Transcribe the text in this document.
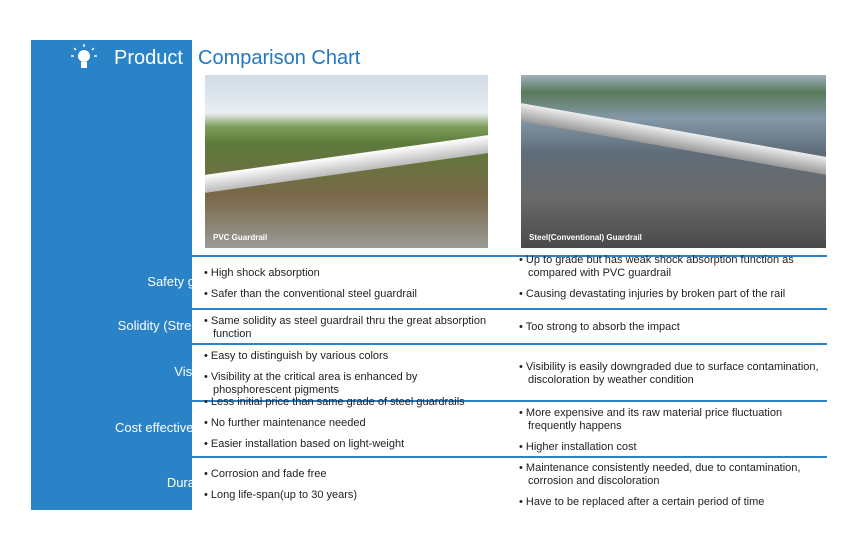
Product Comparison Chart
PVC Guardrail	Steel(Conventional) Guardrail
Safety grade
• High shock absorption
• Safer than the conventional steel guardrail
• Up to grade but has weak shock absorption function as compared with PVC guardrail
• Causing devastating injuries by broken part of the rail
Solidity (Strength)
• Same solidity as steel guardrail thru the great absorption function
• Too strong to absorb the impact
Visibility
• Easy to distinguish by various colors
• Visibility at the critical area is enhanced by phosphorescent pigments
• Visibility is easily downgraded due to surface contamination, discoloration by weather condition
Cost effectiveness
• Less initial price than same grade of steel guardrails
• No further maintenance needed
• Easier installation based on light-weight
• More expensive and its raw material price fluctuation frequently happens
• Higher installation cost
Durability
• Corrosion and fade free
• Long life-span(up to 30 years)
• Maintenance consistently needed, due to contamination, corrosion and discoloration
• Have to be replaced after a certain period of time
